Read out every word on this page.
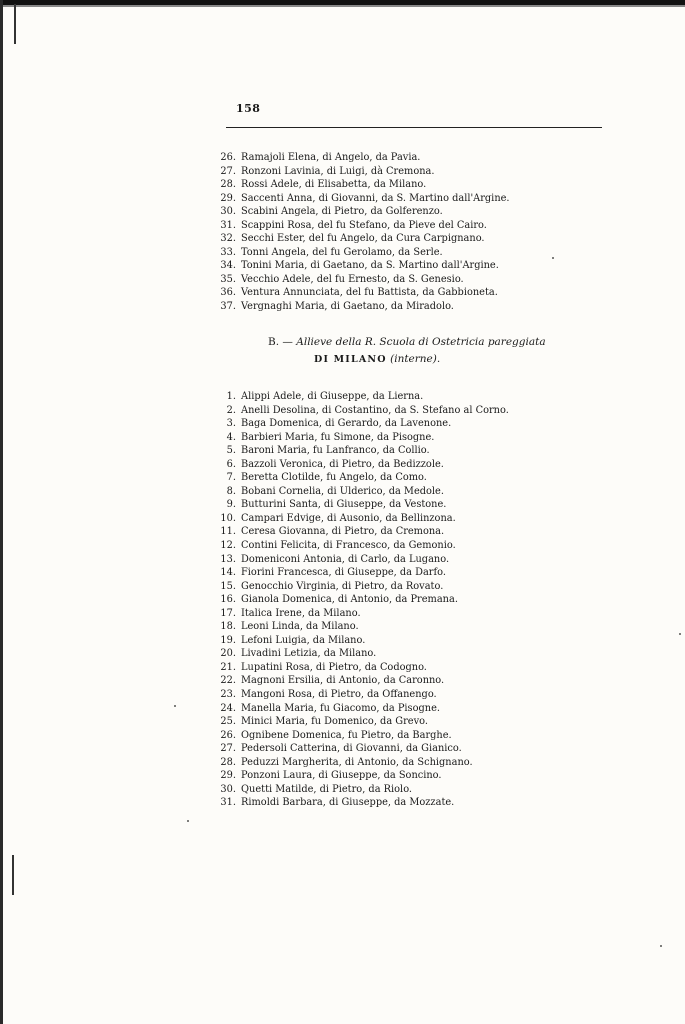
158
26. Ramajoli Elena, di Angelo, da Pavia.
27. Ronzoni Lavinia, di Luigi, dà Cremona.
28. Rossi Adele, di Elisabetta, da Milano.
29. Saccenti Anna, di Giovanni, da S. Martino dall'Argine.
30. Scabini Angela, di Pietro, da Golferenzo.
31. Scappini Rosa, del fu Stefano, da Pieve del Cairo.
32. Secchi Ester, del fu Angelo, da Cura Carpignano.
33. Tonni Angela, del fu Gerolamo, da Serle.
34. Tonini Maria, di Gaetano, da S. Martino dall'Argine.
35. Vecchio Adele, del fu Ernesto, da S. Genesio.
36. Ventura Annunciata, del fu Battista, da Gabbioneta.
37. Vergnaghi Maria, di Gaetano, da Miradolo.
B. — Allieve della R. Scuola di Ostetricia pareggiata
DI MILANO (interne).
1. Alippi Adele, di Giuseppe, da Lierna.
2. Anelli Desolina, di Costantino, da S. Stefano al Corno.
3. Baga Domenica, di Gerardo, da Lavenone.
4. Barbieri Maria, fu Simone, da Pisogne.
5. Baroni Maria, fu Lanfranco, da Collio.
6. Bazzoli Veronica, di Pietro, da Bedizzole.
7. Beretta Clotilde, fu Angelo, da Como.
8. Bobani Cornelia, di Ulderico, da Medole.
9. Butturini Santa, di Giuseppe, da Vestone.
10. Campari Edvige, di Ausonio, da Bellinzona.
11. Ceresa Giovanna, di Pietro, da Cremona.
12. Contini Felicita, di Francesco, da Gemonio.
13. Domeniconi Antonia, di Carlo, da Lugano.
14. Fiorini Francesca, di Giuseppe, da Darfo.
15. Genocchio Virginia, di Pietro, da Rovato.
16. Gianola Domenica, di Antonio, da Premana.
17. Italica Irene, da Milano.
18. Leoni Linda, da Milano.
19. Lefoni Luigia, da Milano.
20. Livadini Letizia, da Milano.
21. Lupatini Rosa, di Pietro, da Codogno.
22. Magnoni Ersilia, di Antonio, da Caronno.
23. Mangoni Rosa, di Pietro, da Offanengo.
24. Manella Maria, fu Giacomo, da Pisogne.
25. Minici Maria, fu Domenico, da Grevo.
26. Ognibene Domenica, fu Pietro, da Barghe.
27. Pedersoli Catterina, di Giovanni, da Gianico.
28. Peduzzi Margherita, di Antonio, da Schignano.
29. Ponzoni Laura, di Giuseppe, da Soncino.
30. Quetti Matilde, di Pietro, da Riolo.
31. Rimoldi Barbara, di Giuseppe, da Mozzate.
